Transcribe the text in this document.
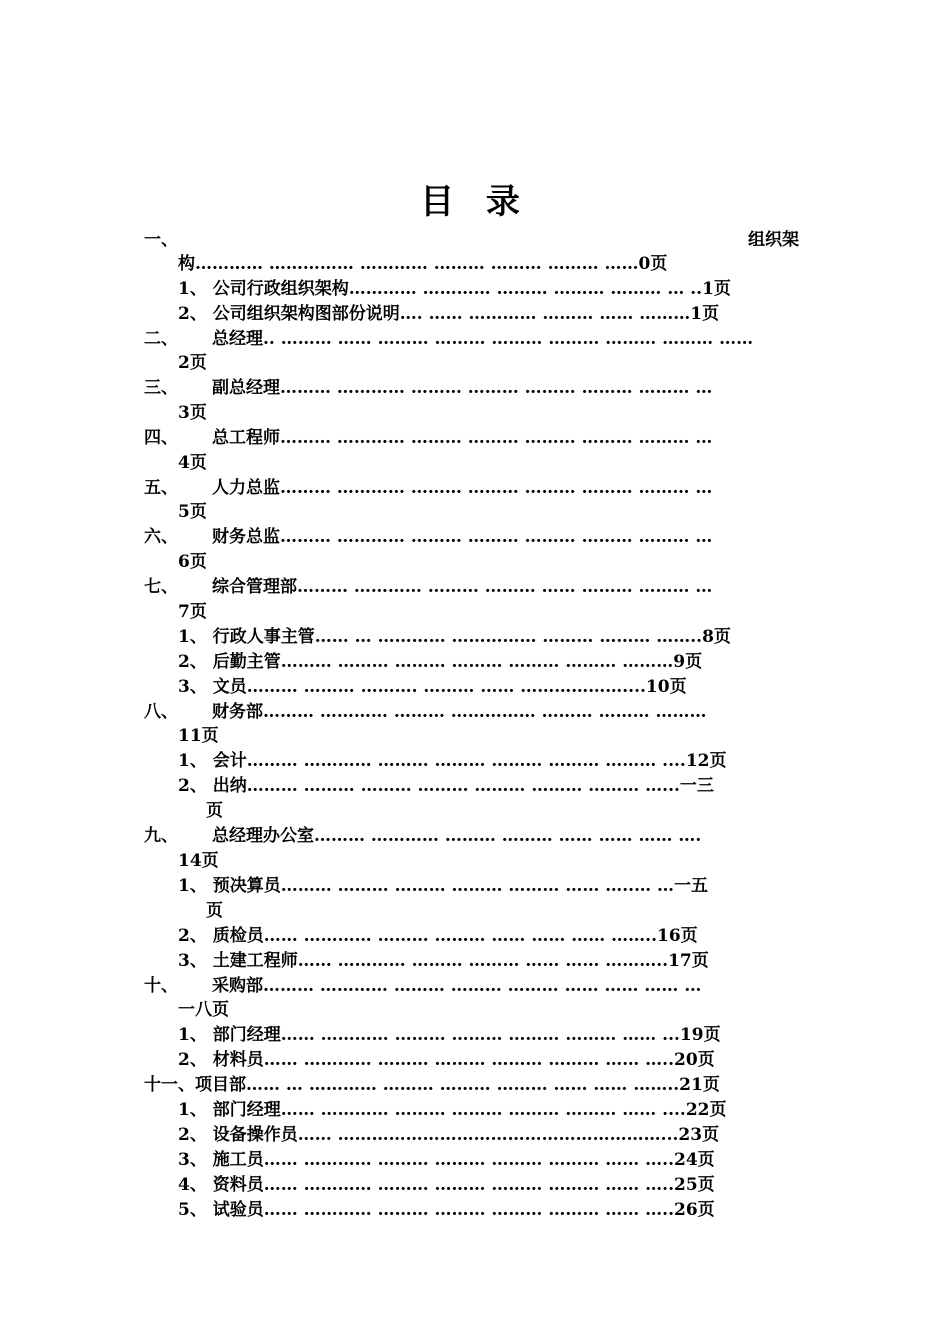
目 录
一、	组织架
构………… …………… ………… ……… ……… ……… ……0页
1、 公司行政组织架构………… ………… ……… ……… ……… … ..1页
2、 公司组织架构图部份说明…. …… ………… ……… …… ………1页
二、 总经理.. ……… …… ……… ……… ……… ……… ……… ……… ……
2页
三、 副总经理……… ………… ……… ……… ……… ……… ……… …
3页
四、 总工程师……… ………… ……… ……… ……… ……… ……… …
4页
五、 人力总监……… ………… ……… ……… ……… ……… ……… …
5页
六、 财务总监……… ………… ……… ……… ……… ……… ……… …
6页
七、 综合管理部……… ………… ……… ……… …… ……… ……… …
7页
1、 行政人事主管…… … ………… …………… ……… ……… ……..8页
2、 后勤主管……… ……… ……… ……… ……… ……… ………9页
3、 文员……… ……… ………. ……… …… ………………....10页
八、 财务部……… ………… ……… …………… ……… ……… ………
11页
1、 会计……… ………… ……… ……… ……… ……… ……… ....12页
2、 出纳……… ……… ……… ……… ……… ……… ……… …...一三
页
九、 总经理办公室……… ………… ……… ……… …… …… …… ….
14页
1、 预决算员……… ……… ……… ……… ……… …… …..… …一五
页
2、 质检员…… ………… ……… ……… …… …… …… ……..16页
3、 土建工程师…… ………… ……… ……… …… …… ………..17页
十、 采购部……… ………… ……… ……… ……… …… …… …… …
一八页
1、 部门经理…… ………… ……… ……… ……… ……… …… ...19页
2、 材料员…… ………… ……… ……… ……… ……… …… …..20页
十一、项目部…… … ………… ……… ……… ……… …… …… ……..21页
1、 部门经理…… ………… ……… ……… ……… ……… …… ....22页
2、 设备操作员…… …………………………………………………...23页
3、 施工员…… ………… ……… ……… ……… ……… …… …..24页
4、 资料员…… ………… ……… ……… ……… ……… …… …..25页
5、 试验员…… ………… ……… ……… ……… ……… …… …..26页
